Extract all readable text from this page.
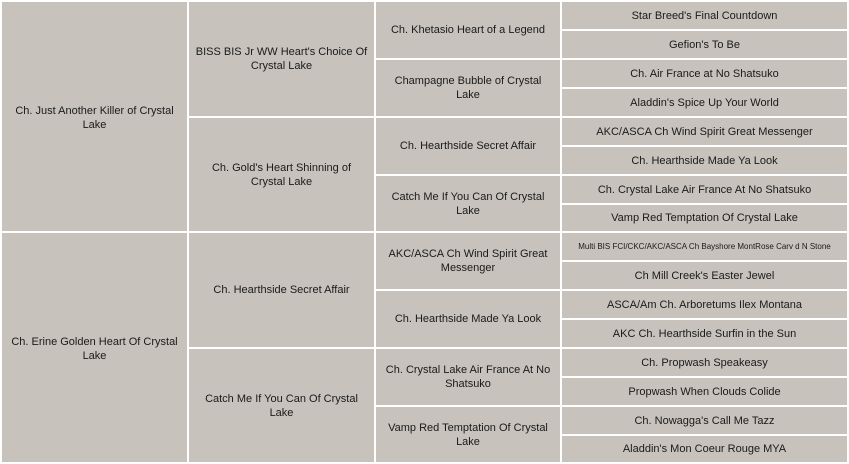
Ch. Just Another Killer of Crystal Lake
Ch. Erine Golden Heart Of Crystal Lake
BISS BIS Jr WW Heart's Choice Of Crystal Lake
Ch. Gold's Heart Shinning of Crystal Lake
Ch. Hearthside Secret Affair
Catch Me If You Can Of Crystal Lake
Ch. Khetasio Heart of a Legend
Champagne Bubble of Crystal Lake
Ch. Hearthside Secret Affair
Catch Me If You Can Of Crystal Lake
AKC/ASCA Ch Wind Spirit Great Messenger
Ch. Hearthside Made Ya Look
Ch. Crystal Lake Air France At No Shatsuko
Vamp Red Temptation Of Crystal Lake
Star Breed's Final Countdown
Gefion's To Be
Ch. Air France at No Shatsuko
Aladdin's Spice Up Your World
AKC/ASCA Ch Wind Spirit Great Messenger
Ch. Hearthside Made Ya Look
Ch. Crystal Lake Air France At No Shatsuko
Vamp Red Temptation Of Crystal Lake
Multi BIS FCI/CKC/AKC/ASCA Ch Bayshore MontRose Carv d N Stone
Ch Mill Creek's Easter Jewel
ASCA/Am Ch. Arboretums Ilex Montana
AKC Ch. Hearthside Surfin in the Sun
Ch. Propwash Speakeasy
Propwash When Clouds Colide
Ch. Nowagga's Call Me Tazz
Aladdin's Mon Coeur Rouge MYA
